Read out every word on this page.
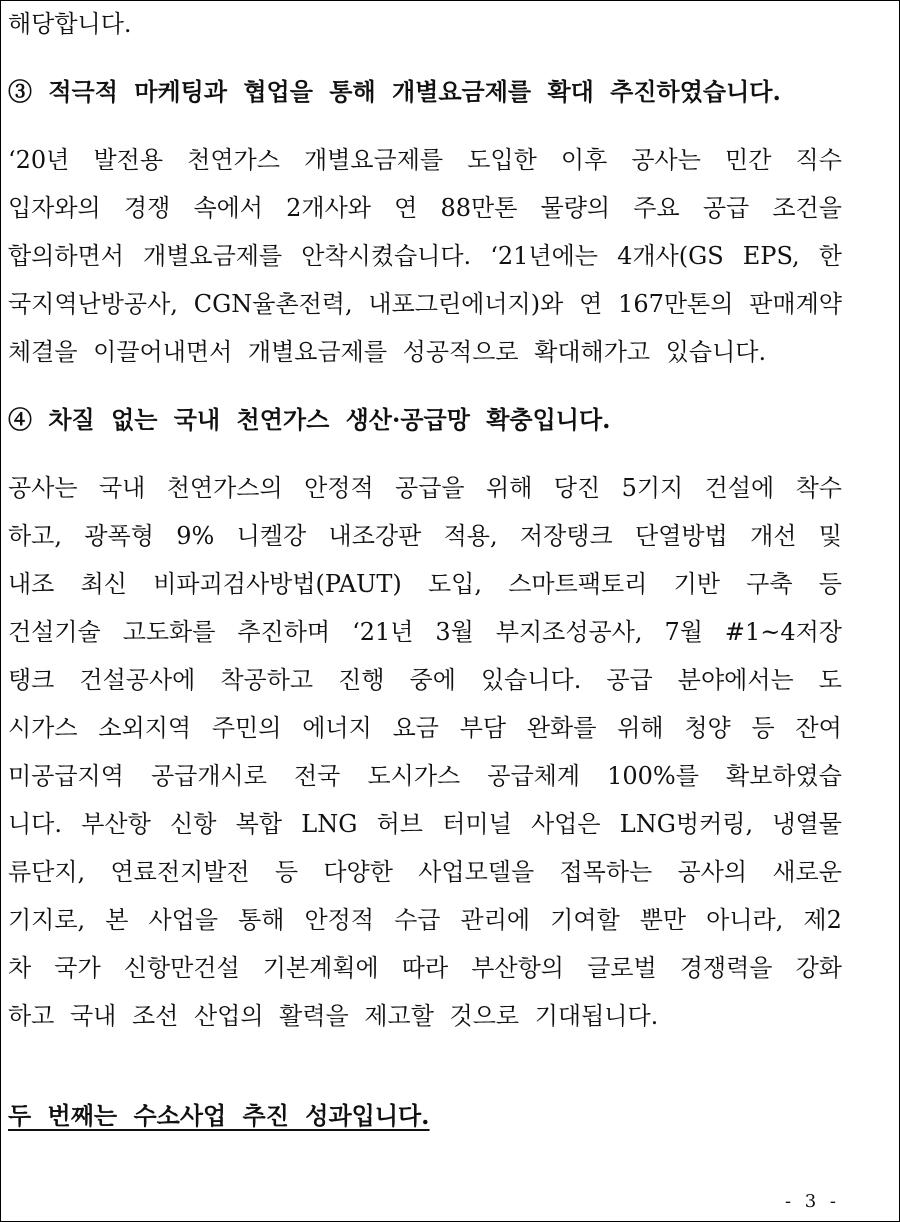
해당합니다.
③ 적극적 마케팅과 협업을 통해 개별요금제를 확대 추진하였습니다.
‘20년 발전용 천연가스 개별요금제를 도입한 이후 공사는 민간 직수
입자와의 경쟁 속에서 2개사와 연 88만톤 물량의 주요 공급 조건을
합의하면서 개별요금제를 안착시켰습니다. ‘21년에는 4개사(GS EPS, 한
국지역난방공사, CGN율촌전력, 내포그린에너지)와 연 167만톤의 판매계약
체결을 이끌어내면서 개별요금제를 성공적으로 확대해가고 있습니다.
④ 차질 없는 국내 천연가스 생산·공급망 확충입니다.
공사는 국내 천연가스의 안정적 공급을 위해 당진 5기지 건설에 착수
하고, 광폭형 9% 니켈강 내조강판 적용, 저장탱크 단열방법 개선 및
내조 최신 비파괴검사방법(PAUT) 도입, 스마트팩토리 기반 구축 등
건설기술 고도화를 추진하며 ‘21년 3월 부지조성공사, 7월 #1~4저장
탱크 건설공사에 착공하고 진행 중에 있습니다. 공급 분야에서는 도
시가스 소외지역 주민의 에너지 요금 부담 완화를 위해 청양 등 잔여
미공급지역 공급개시로 전국 도시가스 공급체계 100%를 확보하였습
니다. 부산항 신항 복합 LNG 허브 터미널 사업은 LNG벙커링, 냉열물
류단지, 연료전지발전 등 다양한 사업모델을 접목하는 공사의 새로운
기지로, 본 사업을 통해 안정적 수급 관리에 기여할 뿐만 아니라, 제2
차 국가 신항만건설 기본계획에 따라 부산항의 글로벌 경쟁력을 강화
하고 국내 조선 산업의 활력을 제고할 것으로 기대됩니다.
두 번째는 수소사업 추진 성과입니다.
- 3 -
